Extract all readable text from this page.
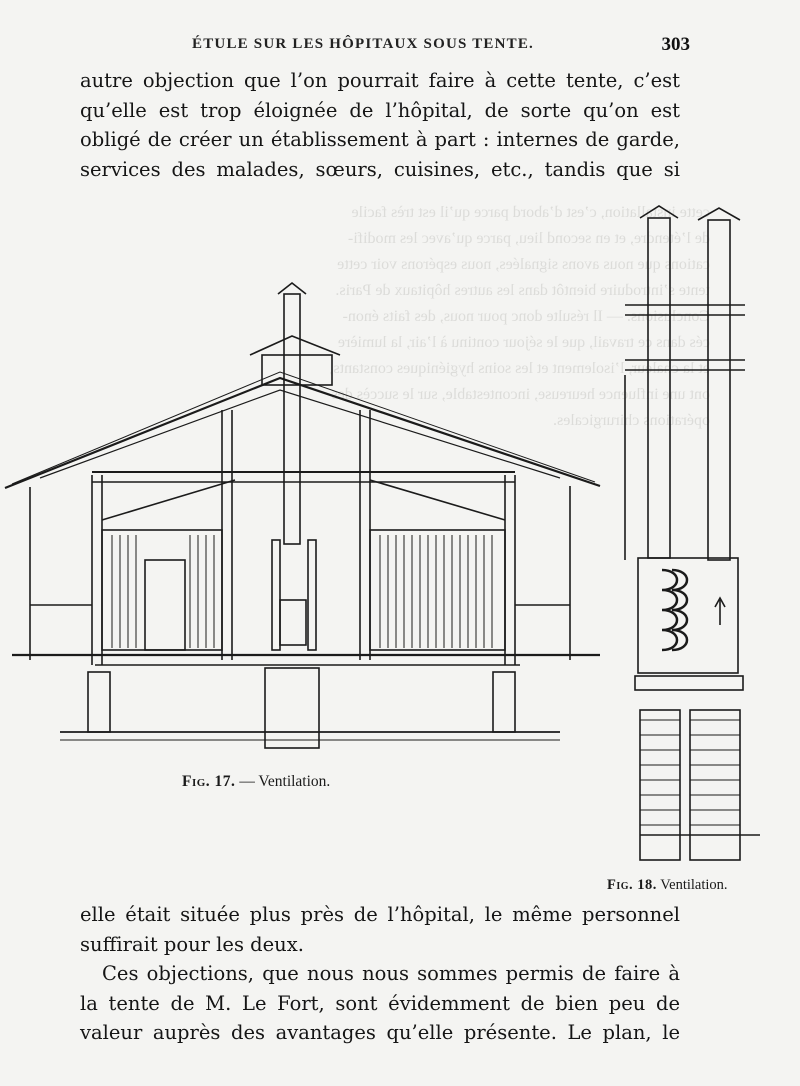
cette installation, c’est d’abord parce qu’il est très facile
de l’étendre, et en second lieu, parce qu’avec les modifi-
cations que nous avons signalées, nous espérons voir cette
tente s’introduire bientôt dans les autres hôpitaux de Paris.
Conclusions. — Il résulte donc pour nous, des faits énon-
cés dans ce travail, que le séjour continu à l’air, la lumière
et la chaleur, l’isolement et les soins hygiéniques constants,
ont une influence heureuse, incontestable, sur le succès des
opérations chirurgicales.
ÉTULE SUR LES HÔPITAUX SOUS TENTE.	303
autre objection que l’on pourrait faire à cette tente, c’est
qu’elle est trop éloignée de l’hôpital, de sorte qu’on est
obligé de créer un établissement à part : internes de garde,
services des malades, sœurs, cuisines, etc., tandis que si
Fig. 17. — Ventilation.
Fig. 18. Ventilation.
elle était située plus près de l’hôpital, le même personnel
suffirait pour les deux.
Ces objections, que nous nous sommes permis de faire à
la tente de M. Le Fort, sont évidemment de bien peu de
valeur auprès des avantages qu’elle présente. Le plan, le
